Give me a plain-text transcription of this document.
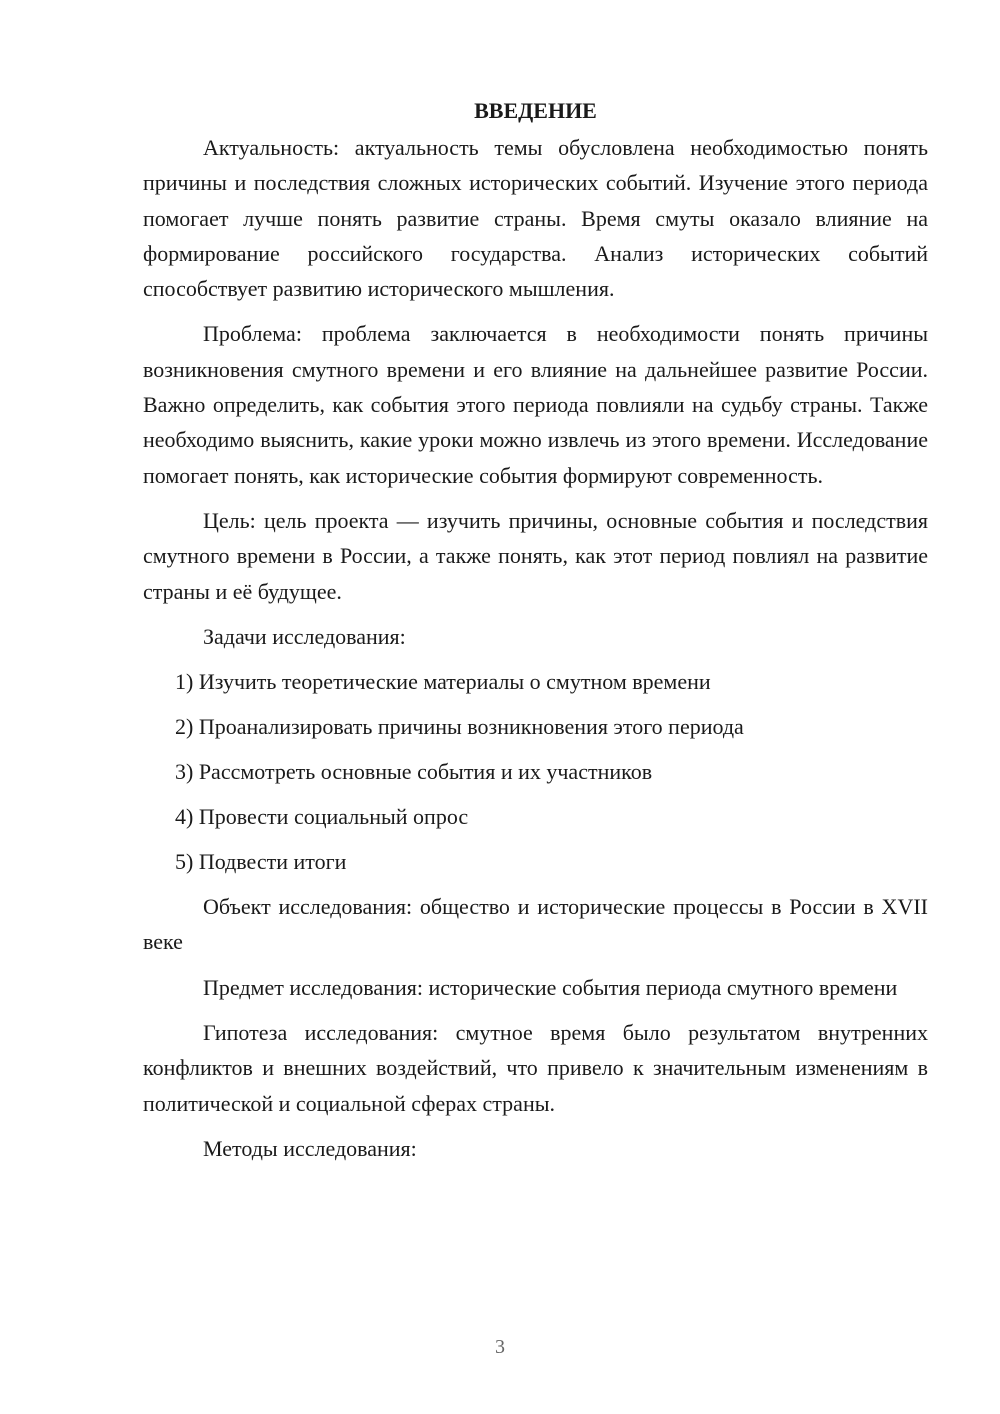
ВВЕДЕНИЕ

Актуальность: актуальность темы обусловлена необходимостью понять причины и последствия сложных исторических событий. Изучение этого периода помогает лучше понять развитие страны. Время смуты оказало влияние на формирование российского государства. Анализ исторических событий способствует развитию исторического мышления.

Проблема: проблема заключается в необходимости понять причины возникновения смутного времени и его влияние на дальнейшее развитие России. Важно определить, как события этого периода повлияли на судьбу страны. Также необходимо выяснить, какие уроки можно извлечь из этого времени. Исследование помогает понять, как исторические события формируют современность.

Цель: цель проекта — изучить причины, основные события и последствия смутного времени в России, а также понять, как этот период повлиял на развитие страны и её будущее.

Задачи исследования:

1) Изучить теоретические материалы о смутном времени

2) Проанализировать причины возникновения этого периода

3) Рассмотреть основные события и их участников

4) Провести социальный опрос

5) Подвести итоги

Объект исследования: общество и исторические процессы в России в XVII веке

Предмет исследования: исторические события периода смутного времени

Гипотеза исследования: смутное время было результатом внутренних конфликтов и внешних воздействий, что привело к значительным изменениям в политической и социальной сферах страны.

Методы исследования:

3
